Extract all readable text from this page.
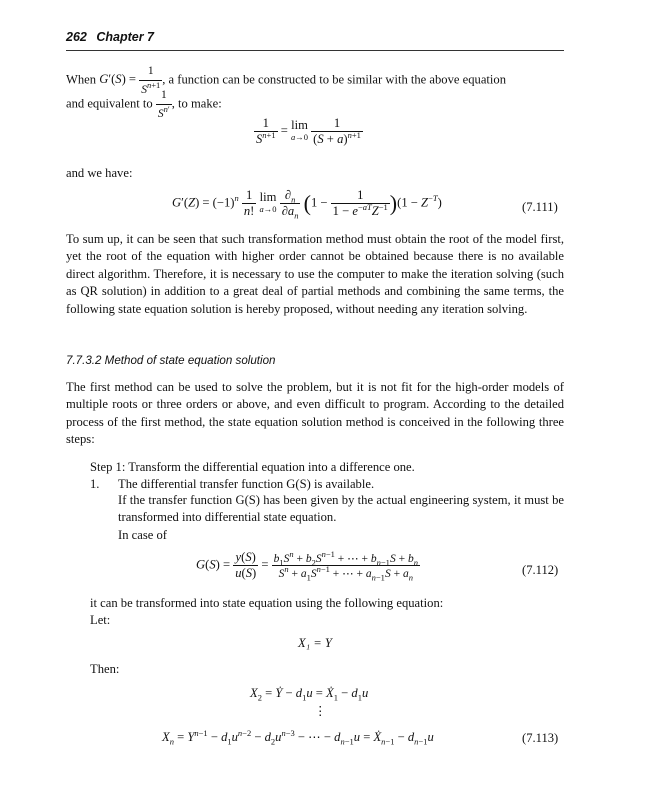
262 Chapter 7
When $G'(S) = \frac{1}{S^{n+1}}$ , a function can be constructed to be similar with the above equation
and equivalent to $\frac{1}{S^{n'}}$ , to make:
$\frac{1}{S^{n+1}} = \lim$
$a\to 0 \frac{1}{(S + a)^{n+1}}$
and we have:
$G'(Z) = (-1)^n \frac{1}{n!}$ lim
$a\to 0 \frac{\partial_n}{\partial a_n} (1 - \frac{1}{1 - e^{-aT}Z^{-1}} )(1 - Z^{-T})$	(7.111)
To sum up, it can be seen that such transformation method must obtain the root of the model first, yet the root of the equation with higher order cannot be obtained because there is no available direct algorithm. Therefore, it is necessary to use the computer to make the iteration solving (such as QR solution) in addition to a great deal of partial methods and combining the same terms, the following state equation solution is hereby proposed, without needing any iteration solving.
7.7.3.2 Method of state equation solution
The first method can be used to solve the problem, but it is not fit for the high-order models of multiple roots or three orders or above, and even difficult to program. According to the detailed process of the first method, the state equation solution method is conceived in the following three steps:
Step 1: Transform the differential equation into a difference one.
1. The differential transfer function G(S) is available.
If the transfer function G(S) has been given by the actual engineering system, it must be transformed into differential state equation.
In case of
$G(S) = \frac{y(S)}{u(S)} = \frac{b_1S^n + b_2S^{n-1} + \cdots + b_{n-1}S + b_n}{S^n + a_1S^{n-1} + \cdots + a_{n-1}S + a_n}$	(7.112)
it can be transformed into state equation using the following equation:
Let:
X₁ = Y
Then:
$X_2$ = Ẏ − $d_1u$ = Ẋ$_1$ − $d_1u$
⋮
$X_n = Y^{n-1} - d_1u^{n-2} - d_2u^{n-3}$ − ⋯ − $d_{n-1}u$ = Ẋ$_{n-1}$ − $d_{n-1}u$	(7.113)
